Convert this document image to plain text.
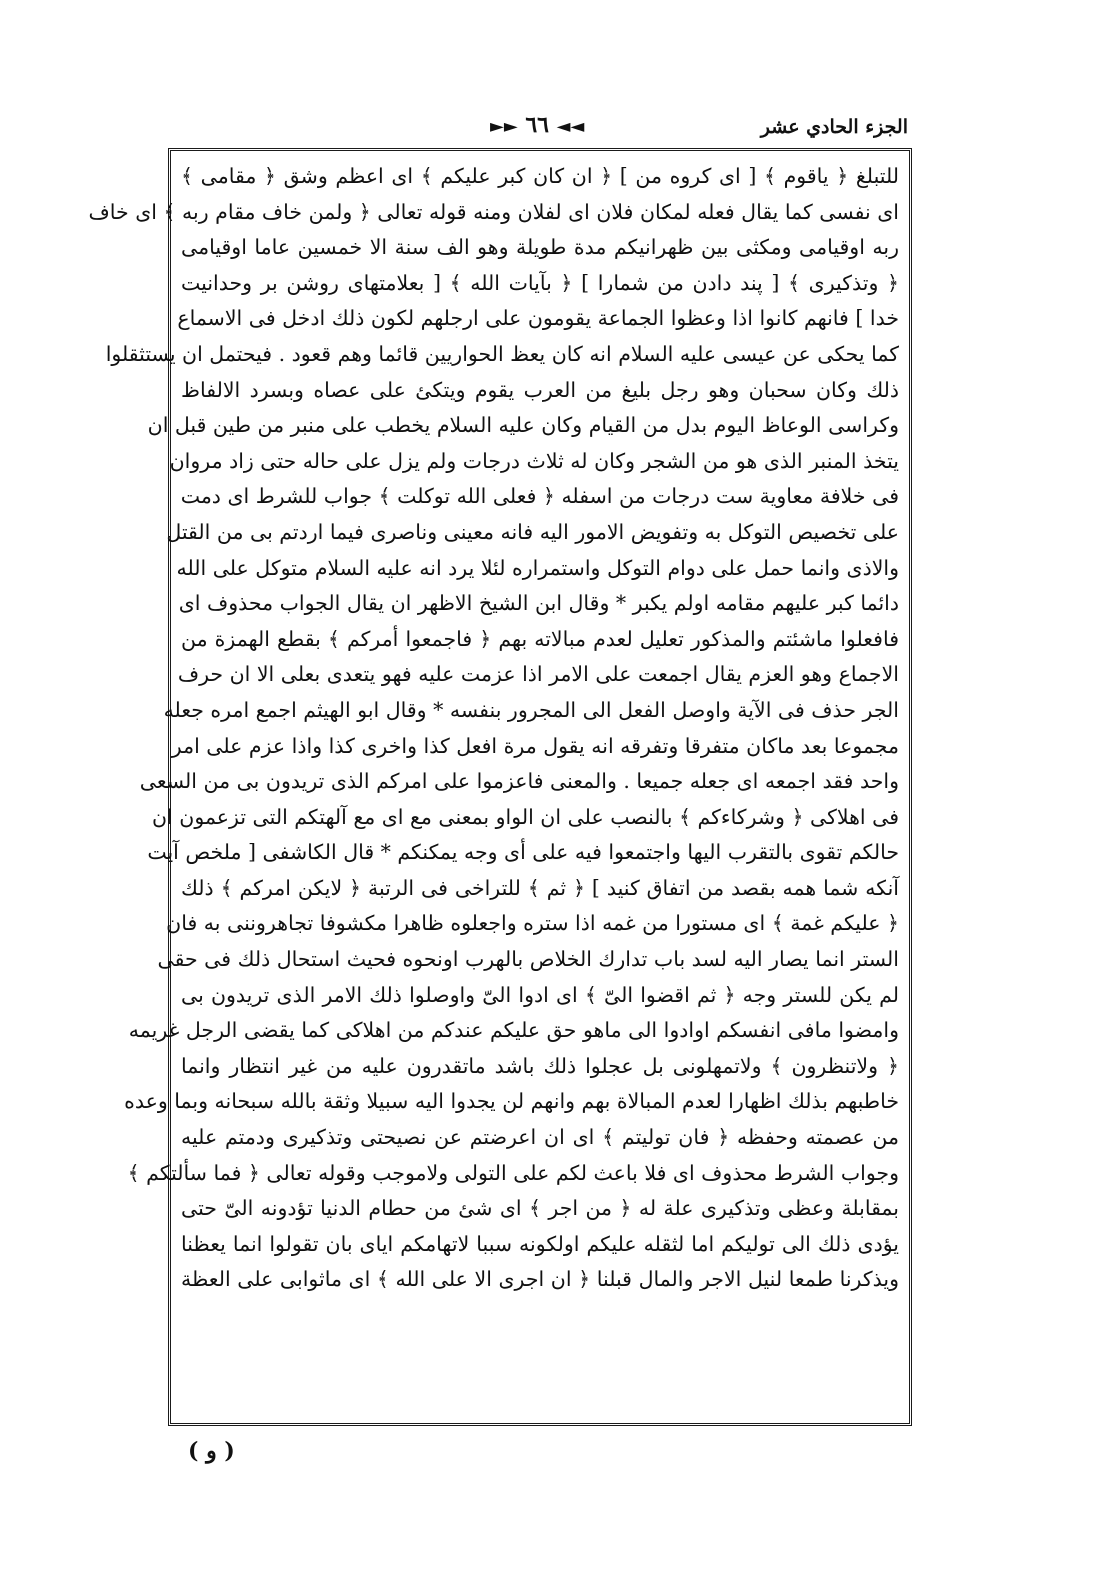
الجزء الحادي عشر
◄◄ ٦٦ ►►
للتبلغ ﴿ ياقوم ﴾ [ اى كروه من ] ﴿ ان كان كبر عليكم ﴾ اى اعظم وشق ﴿ مقامى ﴾
اى نفسى كما يقال فعله لمكان فلان اى لفلان ومنه قوله تعالى ﴿ ولمن خاف مقام ربه ﴾ اى خاف
ربه اوقيامى ومكثى بين ظهرانيكم مدة طويلة وهو الف سنة الا خمسين عاما اوقيامى
﴿ وتذكيرى ﴾ [ پند دادن من شمارا ] ﴿ بآيات الله ﴾ [ بعلامتهاى روشن بر وحدانيت
خدا ] فانهم كانوا اذا وعظوا الجماعة يقومون على ارجلهم لكون ذلك ادخل فى الاسماع
كما يحكى عن عيسى عليه السلام انه كان يعظ الحواريين قائما وهم قعود . فيحتمل ان يستثقلوا
ذلك وكان سحبان وهو رجل بليغ من العرب يقوم ويتكئ على عصاه وبسرد الالفاظ
وكراسى الوعاظ اليوم بدل من القيام وكان عليه السلام يخطب على منبر من طين قبل ان
يتخذ المنبر الذى هو من الشجر وكان له ثلاث درجات ولم يزل على حاله حتى زاد مروان
فى خلافة معاوية ست درجات من اسفله ﴿ فعلى الله توكلت ﴾ جواب للشرط اى دمت
على تخصيص التوكل به وتفويض الامور اليه فانه معينى وناصرى فيما اردتم بى من القتل
والاذى وانما حمل على دوام التوكل واستمراره لئلا يرد انه عليه السلام متوكل على الله
دائما كبر عليهم مقامه اولم يكبر * وقال ابن الشيخ الاظهر ان يقال الجواب محذوف اى
فافعلوا ماشئتم والمذكور تعليل لعدم مبالاته بهم ﴿ فاجمعوا أمركم ﴾ بقطع الهمزة من
الاجماع وهو العزم يقال اجمعت على الامر اذا عزمت عليه فهو يتعدى بعلى الا ان حرف
الجر حذف فى الآية واوصل الفعل الى المجرور بنفسه * وقال ابو الهيثم اجمع امره جعله
مجموعا بعد ماكان متفرقا وتفرقه انه يقول مرة افعل كذا واخرى كذا واذا عزم على امر
واحد فقد اجمعه اى جعله جميعا . والمعنى فاعزموا على امركم الذى تريدون بى من السعى
فى اهلاكى ﴿ وشركاءكم ﴾ بالنصب على ان الواو بمعنى مع اى مع آلهتكم التى تزعمون ان
حالكم تقوى بالتقرب اليها واجتمعوا فيه على أى وجه يمكنكم * قال الكاشفى [ ملخص آيت
آنكه شما همه بقصد من اتفاق كنيد ] ﴿ ثم ﴾ للتراخى فى الرتبة ﴿ لايكن امركم ﴾ ذلك
﴿ عليكم غمة ﴾ اى مستورا من غمه اذا ستره واجعلوه ظاهرا مكشوفا تجاهروننى به فان
الستر انما يصار اليه لسد باب تدارك الخلاص بالهرب اونحوه فحيث استحال ذلك فى حقى
لم يكن للستر وجه ﴿ ثم اقضوا الىّ ﴾ اى ادوا الىّ واوصلوا ذلك الامر الذى تريدون بى
وامضوا مافى انفسكم اوادوا الى ماهو حق عليكم عندكم من اهلاكى كما يقضى الرجل غريمه
﴿ ولاتنظرون ﴾ ولاتمهلونى بل عجلوا ذلك باشد ماتقدرون عليه من غير انتظار وانما
خاطبهم بذلك اظهارا لعدم المبالاة بهم وانهم لن يجدوا اليه سبيلا وثقة بالله سبحانه وبما وعده
من عصمته وحفظه ﴿ فان توليتم ﴾ اى ان اعرضتم عن نصيحتى وتذكيرى ودمتم عليه
وجواب الشرط محذوف اى فلا باعث لكم على التولى ولاموجب وقوله تعالى ﴿ فما سألتكم ﴾
بمقابلة وعظى وتذكيرى علة له ﴿ من اجر ﴾ اى شئ من حطام الدنيا تؤدونه الىّ حتى
يؤدى ذلك الى توليكم اما لثقله عليكم اولكونه سببا لاتهامكم اياى بان تقولوا انما يعظنا
ويذكرنا طمعا لنيل الاجر والمال قبلنا ﴿ ان اجرى الا على الله ﴾ اى ماثوابى على العظة
( و )
